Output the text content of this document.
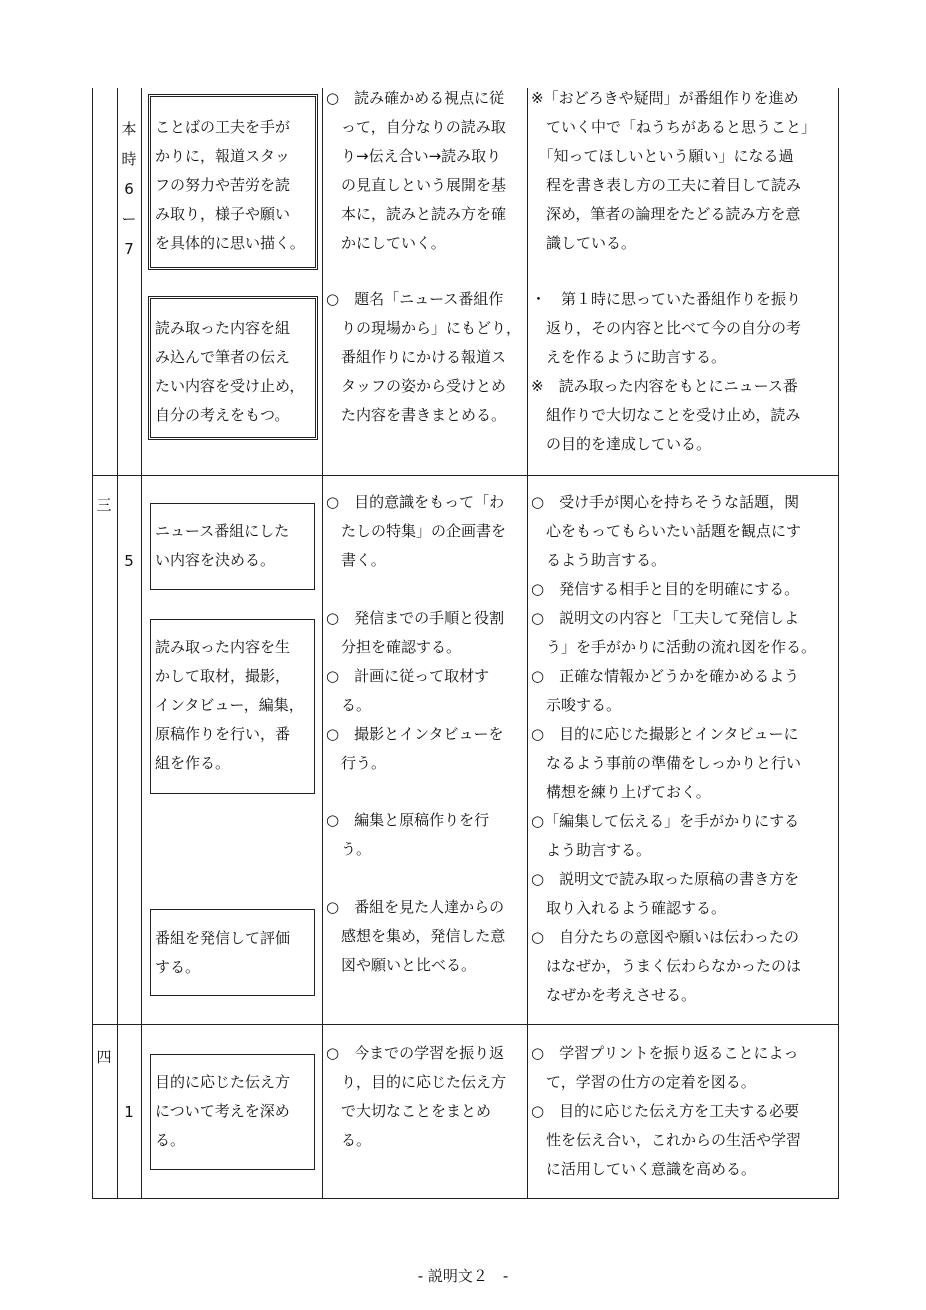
本
時
6
ー
7
ことばの工夫を手が
かりに，報道スタッ
フの努力や苦労を読
み取り，様子や願い
を具体的に思い描く。
読み取った内容を組
み込んで筆者の伝え
たい内容を受け止め，
自分の考えをもつ。
○　読み確かめる視点に従
　って，自分なりの読み取
　り→伝え合い→読み取り
　の見直しという展開を基
　本に，読みと読み方を確
　かにしていく。
○　題名「ニュース番組作
　りの現場から」にもどり，
　番組作りにかける報道ス
　タッフの姿から受けとめ
　た内容を書きまとめる。
※「おどろきや疑問」が番組作りを進め
　ていく中で「ねうちがあると思うこと」
　「知ってほしいという願い」になる過
　程を書き表し方の工夫に着目して読み
　深め，筆者の論理をたどる読み方を意
　識している。
・　第１時に思っていた番組作りを振り
　返り，その内容と比べて今の自分の考
　えを作るように助言する。
※　読み取った内容をもとにニュース番
　組作りで大切なことを受け止め，読み
　の目的を達成している。
三
5
ニュース番組にした
い内容を決める。
読み取った内容を生
かして取材，撮影，
インタビュー，編集，
原稿作りを行い，番
組を作る。
番組を発信して評価
する。
○　目的意識をもって「わ
　たしの特集」の企画書を
　書く。
○　発信までの手順と役割
　分担を確認する。
○　計画に従って取材す
　る。
○　撮影とインタビューを
　行う。
○　編集と原稿作りを行
　う。
○　番組を見た人達からの
　感想を集め，発信した意
　図や願いと比べる。
○　受け手が関心を持ちそうな話題，関
　心をもってもらいたい話題を観点にす
　るよう助言する。
○　発信する相手と目的を明確にする。
○　説明文の内容と「工夫して発信しよ
　う」を手がかりに活動の流れ図を作る。
○　正確な情報かどうかを確かめるよう
　示唆する。
○　目的に応じた撮影とインタビューに
　なるよう事前の準備をしっかりと行い
　構想を練り上げておく。
○「編集して伝える」を手がかりにする
　よう助言する。
○　説明文で読み取った原稿の書き方を
　取り入れるよう確認する。
○　自分たちの意図や願いは伝わったの
　はなぜか，うまく伝わらなかったのは
　なぜかを考えさせる。
四
1
目的に応じた伝え方
について考えを深め
る。
○　今までの学習を振り返
　り，目的に応じた伝え方
　で大切なことをまとめ
　る。
○　学習プリントを振り返ることによっ
　て，学習の仕方の定着を図る。
○　目的に応じた伝え方を工夫する必要
　性を伝え合い，これからの生活や学習
　に活用していく意識を高める。
- 説明文２　-
